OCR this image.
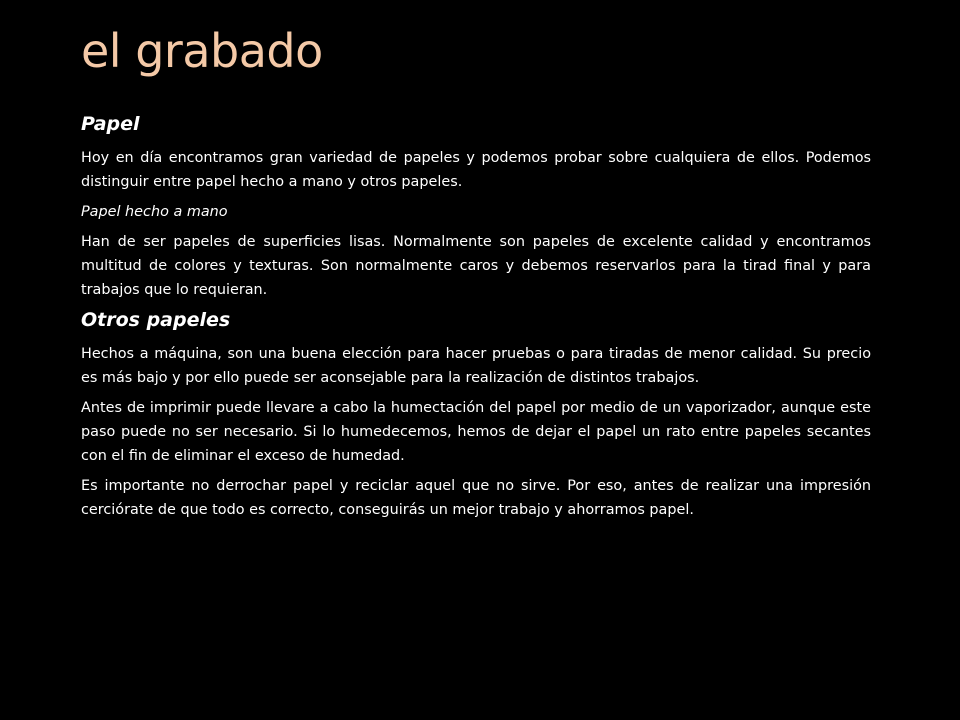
el grabado
Papel

Hoy en día encontramos gran variedad de papeles y podemos probar sobre cualquiera de ellos. Podemos distinguir entre papel hecho a mano y otros papeles.

Papel hecho a mano

Han de ser papeles de superficies lisas. Normalmente son papeles de excelente calidad y encontramos multitud de colores y texturas. Son normalmente caros y debemos reservarlos para la tirad final y para trabajos que lo requieran.

Otros papeles

Hechos a máquina, son una buena elección para hacer pruebas o para tiradas de menor calidad. Su precio es más bajo y por ello puede ser aconsejable para la realización de distintos trabajos.

Antes de imprimir puede llevare a cabo la humectación del papel por medio de un vaporizador, aunque este paso puede no ser necesario. Si lo humedecemos, hemos de dejar el papel un rato entre papeles secantes con el fin de eliminar el exceso de humedad.

Es importante no derrochar papel y reciclar aquel que no sirve. Por eso, antes de realizar una impresión cerciórate de que todo es correcto, conseguirás un mejor trabajo y ahorramos papel.
